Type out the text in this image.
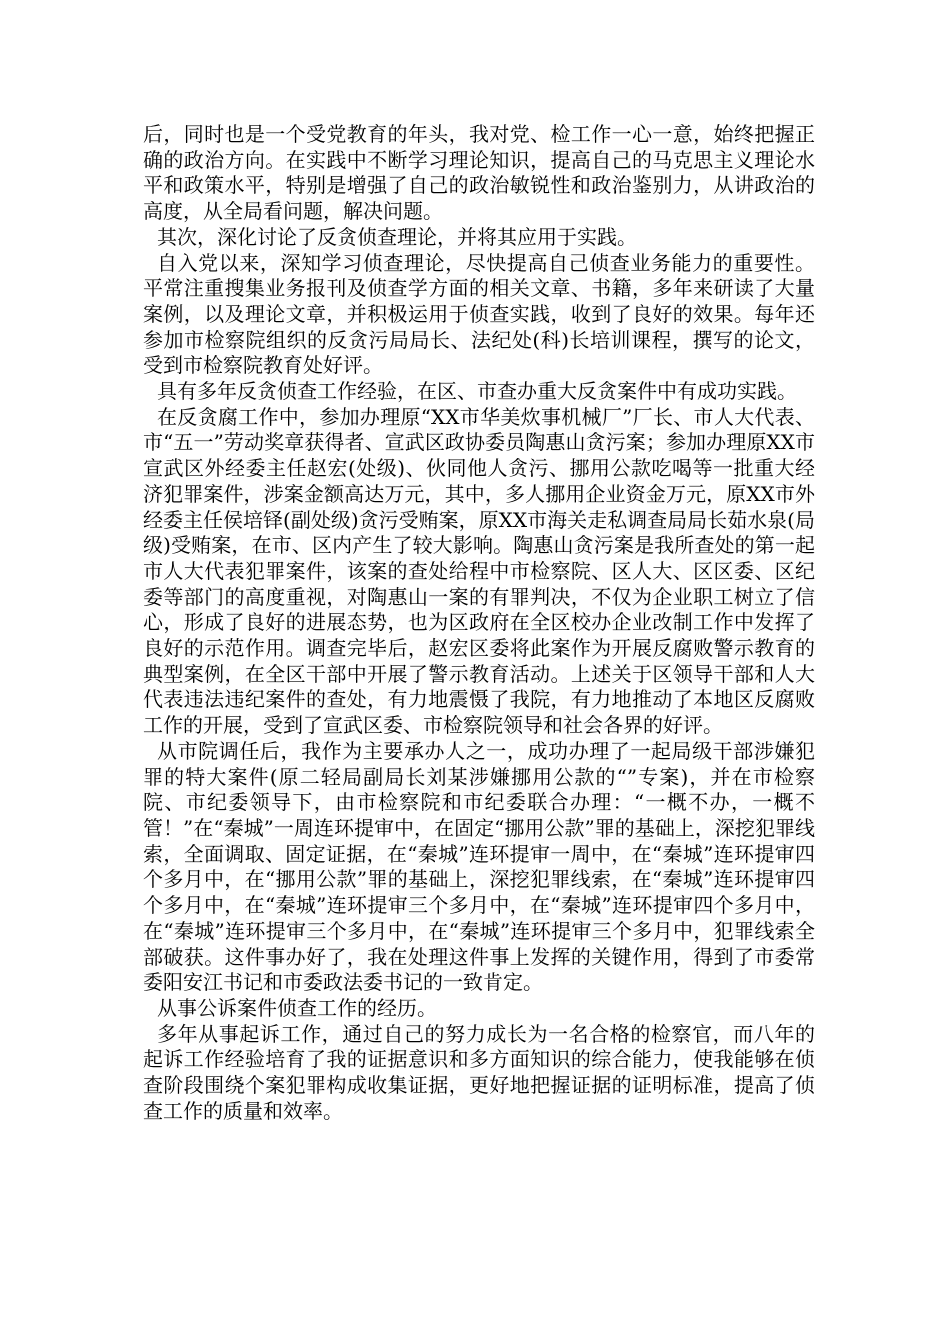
后，同时也是一个受党教育的年头，我对党、检工作一心一意，始终把握正确的政治方向。在实践中不断学习理论知识，提高自己的马克思主义理论水平和政策水平，特别是增强了自己的政治敏锐性和政治鉴别力，从讲政治的高度，从全局看问题，解决问题。

其次，深化讨论了反贪侦查理论，并将其应用于实践。

自入党以来，深知学习侦查理论，尽快提高自己侦查业务能力的重要性。平常注重搜集业务报刊及侦查学方面的相关文章、书籍，多年来研读了大量案例，以及理论文章，并积极运用于侦查实践，收到了良好的效果。每年还参加市检察院组织的反贪污局局长、法纪处(科)长培训课程，撰写的论文，受到市检察院教育处好评。

具有多年反贪侦查工作经验，在区、市查办重大反贪案件中有成功实践。

在反贪腐工作中，参加办理原“XX市华美炊事机械厂”厂长、市人大代表、市“五一”劳动奖章获得者、宣武区政协委员陶惠山贪污案；参加办理原XX市宣武区外经委主任赵宏(处级)、伙同他人贪污、挪用公款吃喝等一批重大经济犯罪案件，涉案金额高达万元，其中，多人挪用企业资金万元，原XX市外经委主任侯培铎(副处级)贪污受贿案，原XX市海关走私调查局局长茹水泉(局级)受贿案，在市、区内产生了较大影响。陶惠山贪污案是我所查处的第一起市人大代表犯罪案件，该案的查处给程中市检察院、区人大、区区委、区纪委等部门的高度重视，对陶惠山一案的有罪判决，不仅为企业职工树立了信心，形成了良好的进展态势，也为区政府在全区校办企业改制工作中发挥了良好的示范作用。调查完毕后，赵宏区委将此案作为开展反腐败警示教育的典型案例，在全区干部中开展了警示教育活动。上述关于区领导干部和人大代表违法违纪案件的查处，有力地震慑了我院，有力地推动了本地区反腐败工作的开展，受到了宣武区委、市检察院领导和社会各界的好评。

从市院调任后，我作为主要承办人之一，成功办理了一起局级干部涉嫌犯罪的特大案件(原二轻局副局长刘某涉嫌挪用公款的“”专案)，并在市检察院、市纪委领导下，由市检察院和市纪委联合办理：“一概不办，一概不管！”在“秦城”一周连环提审中，在固定“挪用公款”罪的基础上，深挖犯罪线索，全面调取、固定证据，在“秦城”连环提审一周中，在“秦城”连环提审四个多月中，在“挪用公款”罪的基础上，深挖犯罪线索，在“秦城”连环提审四个多月中，在“秦城”连环提审三个多月中，在“秦城”连环提审四个多月中，在“秦城”连环提审三个多月中，在“秦城”连环提审三个多月中，犯罪线索全部破获。这件事办好了，我在处理这件事上发挥的关键作用，得到了市委常委阳安江书记和市委政法委书记的一致肯定。

从事公诉案件侦查工作的经历。

多年从事起诉工作，通过自己的努力成长为一名合格的检察官，而八年的起诉工作经验培育了我的证据意识和多方面知识的综合能力，使我能够在侦查阶段围绕个案犯罪构成收集证据，更好地把握证据的证明标准，提高了侦查工作的质量和效率。
